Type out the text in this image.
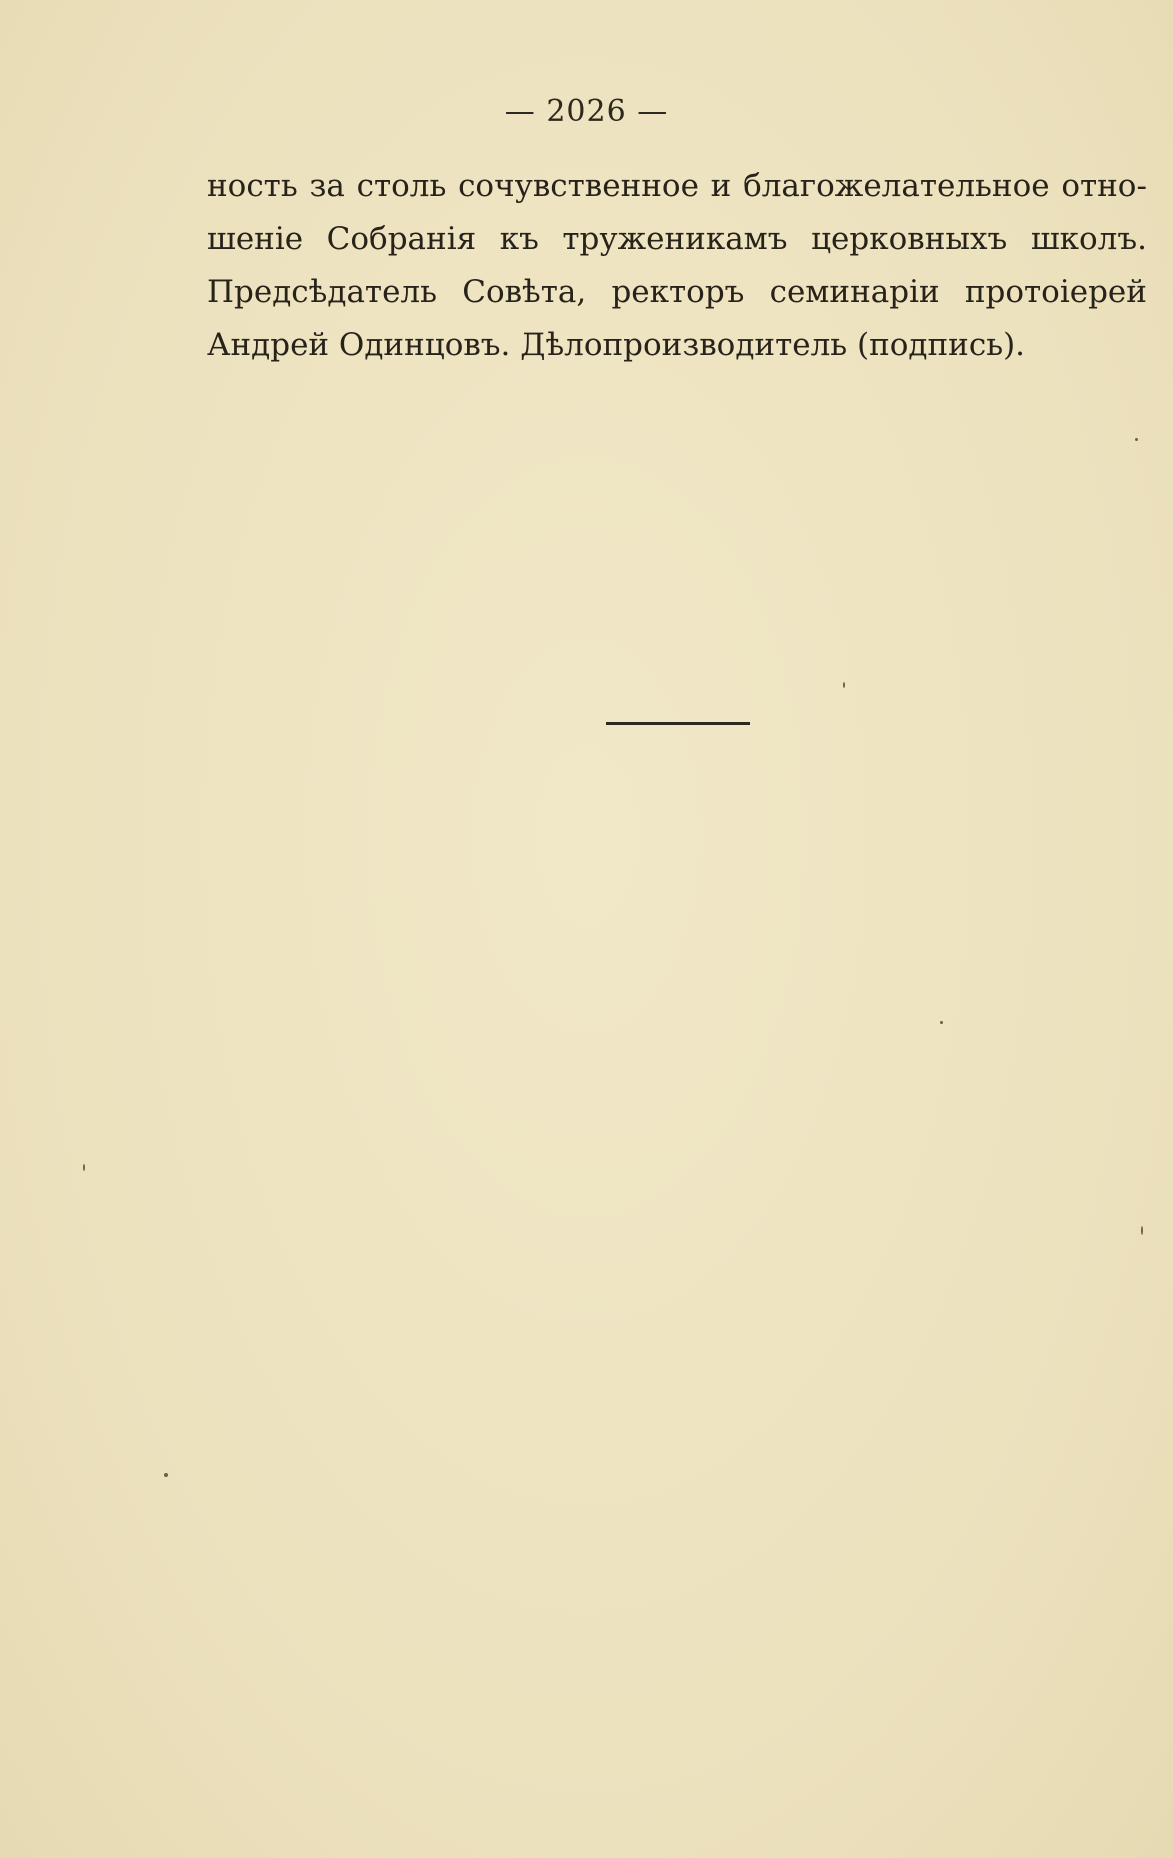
— 2026 —
ность за столь сочувственное и благожелательное отно-
шеніе Собранія къ труженикамъ церковныхъ школъ.
Предсѣдатель Совѣта, ректоръ семинаріи протоіерей
Андрей Одинцовъ. Дѣлопроизводитель (подпись).
